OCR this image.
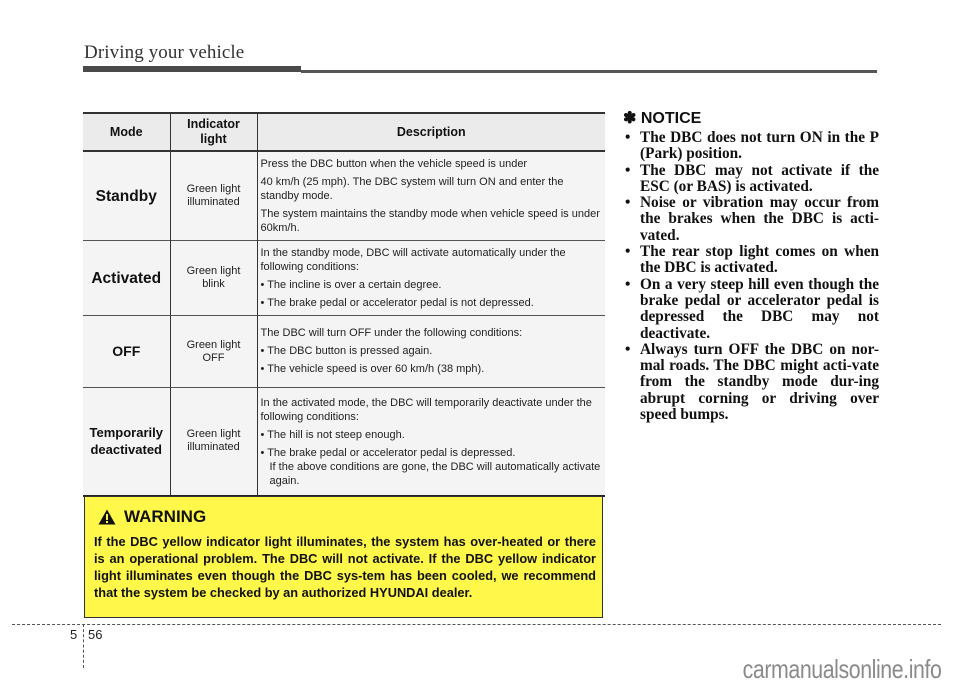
Driving your vehicle
Mode	Indicator light	Description
Standby	Green light illuminated	Press the DBC button when the vehicle speed is under

40 km/h (25 mph). The DBC system will turn ON and enter the standby mode.

The system maintains the standby mode when vehicle speed is under 60km/h.

Activated	Green light blink	In the standby mode, DBC will activate automatically under the following conditions:

• The incline is over a certain degree.

• The brake pedal or accelerator pedal is not depressed.

OFF	Green light OFF	The DBC will turn OFF under the following conditions:

• The DBC button is pressed again.

• The vehicle speed is over 60 km/h (38 mph).

Temporarily deactivated	Green light illuminated	In the activated mode, the DBC will temporarily deactivate under the following conditions:

• The hill is not steep enough.

• The brake pedal or accelerator pedal is depressed.

If the above conditions are gone, the DBC will automatically activate again.

WARNING
If the DBC yellow indicator light illuminates, the system has over-heated or there is an operational problem. The DBC will not activate. If the DBC yellow indicator light illuminates even though the DBC sys-tem has been cooled, we recommend that the system be checked by an authorized HYUNDAI dealer.
✽ NOTICE
• The DBC does not turn ON in the P (Park) position.
• The DBC may not activate if the ESC (or BAS) is activated.
• Noise or vibration may occur from the brakes when the DBC is acti-vated.
• The rear stop light comes on when the DBC is activated.
• On a very steep hill even though the brake pedal or accelerator pedal is depressed the DBC may not deactivate.
• Always turn OFF the DBC on nor-mal roads. The DBC might acti-vate from the standby mode dur-ing abrupt corning or driving over speed bumps.
5 56
carmanualsonline.info
